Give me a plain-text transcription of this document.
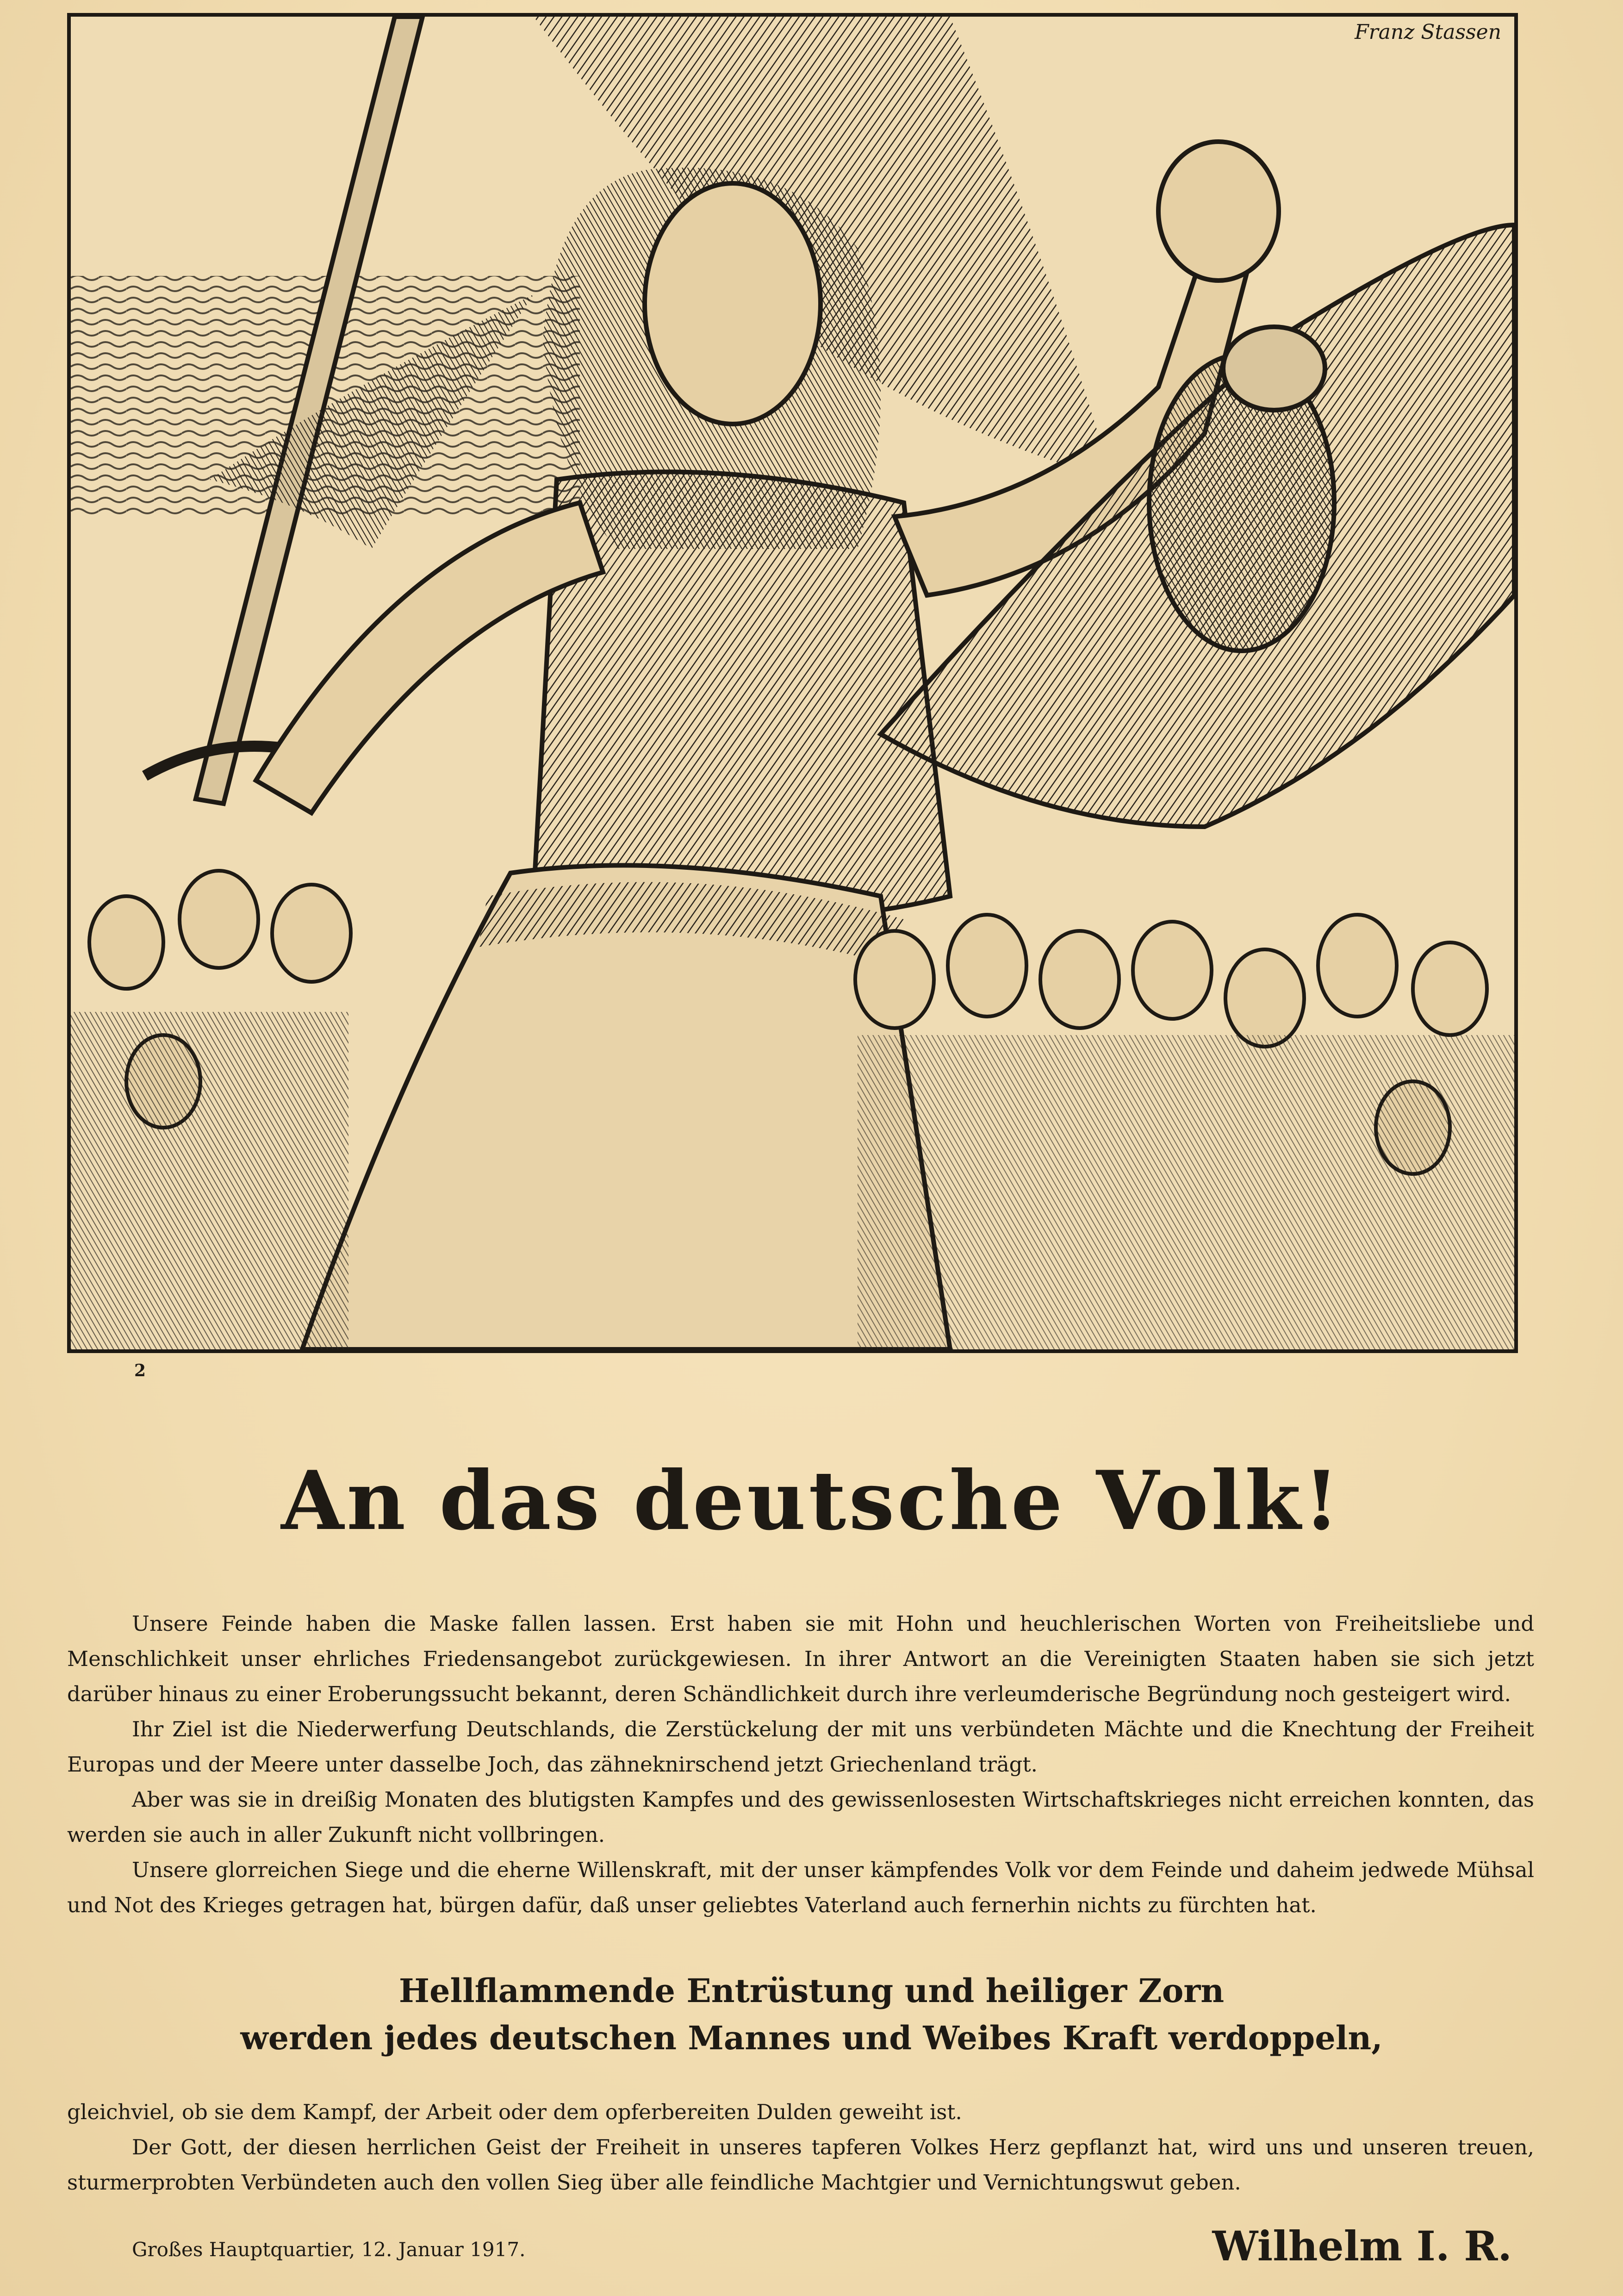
Franz Stassen
2
An das deutsche Volk!

Unsere Feinde haben die Maske fallen lassen. Erst haben sie mit Hohn und heuchlerischen Worten von Freiheitsliebe und Menschlichkeit unser ehrliches Friedensangebot zurückgewiesen. In ihrer Antwort an die Vereinigten Staaten haben sie sich jetzt darüber hinaus zu einer Eroberungssucht bekannt, deren Schändlichkeit durch ihre verleumderische Begründung noch gesteigert wird.

Ihr Ziel ist die Niederwerfung Deutschlands, die Zerstückelung der mit uns verbündeten Mächte und die Knechtung der Freiheit Europas und der Meere unter dasselbe Joch, das zähneknirschend jetzt Griechenland trägt.

Aber was sie in dreißig Monaten des blutigsten Kampfes und des gewissenlosesten Wirtschaftskrieges nicht erreichen konnten, das werden sie auch in aller Zukunft nicht vollbringen.

Unsere glorreichen Siege und die eherne Willenskraft, mit der unser kämpfendes Volk vor dem Feinde und daheim jedwede Mühsal und Not des Krieges getragen hat, bürgen dafür, daß unser geliebtes Vaterland auch fernerhin nichts zu fürchten hat.

Hellflammende Entrüstung und heiliger Zorn
werden jedes deutschen Mannes und Weibes Kraft verdoppeln,

gleichviel, ob sie dem Kampf, der Arbeit oder dem opferbereiten Dulden geweiht ist.

Der Gott, der diesen herrlichen Geist der Freiheit in unseres tapferen Volkes Herz gepflanzt hat, wird uns und unseren treuen, sturmerprobten Verbündeten auch den vollen Sieg über alle feindliche Machtgier und Vernichtungswut geben.

Großes Hauptquartier, 12. Januar 1917.	Wilhelm I. R.
